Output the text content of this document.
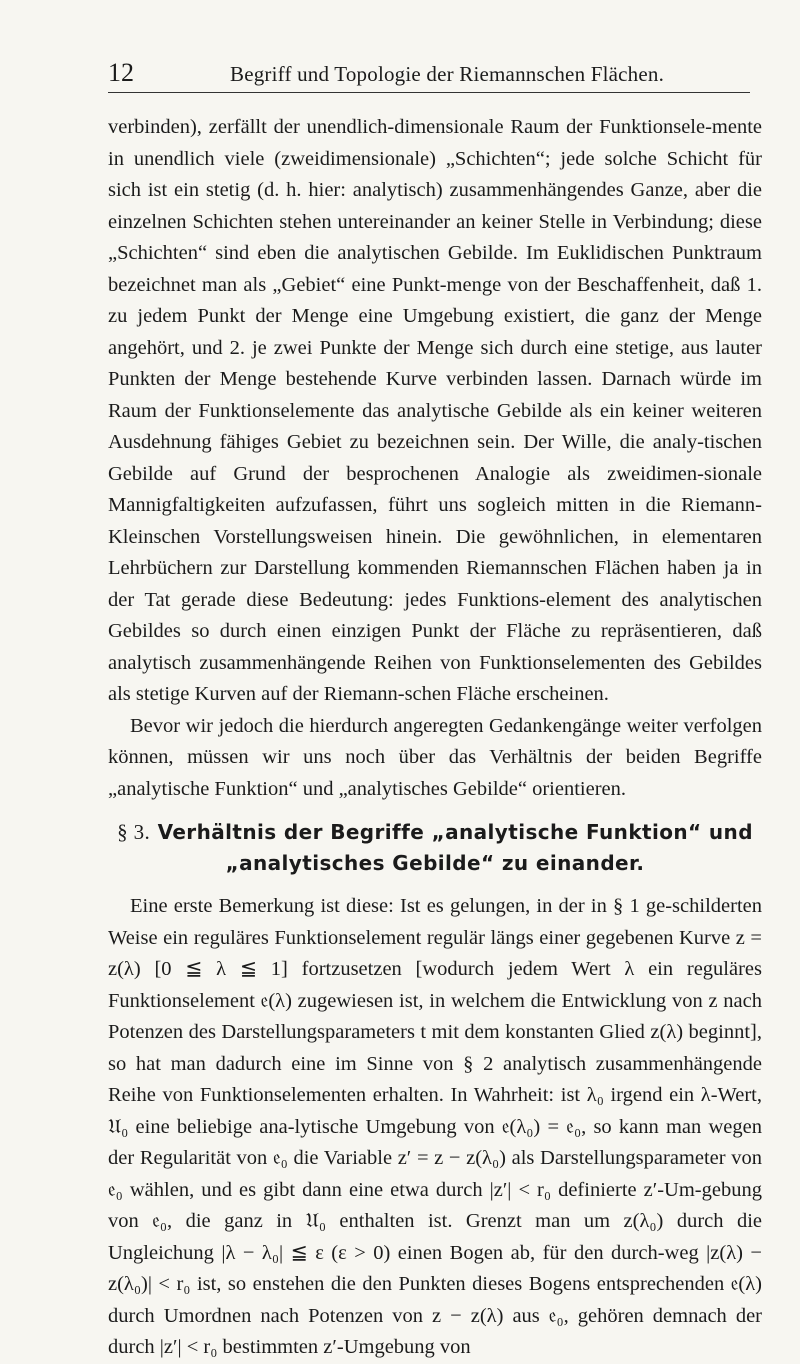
12	Begriff und Topologie der Riemannschen Flächen.

verbinden), zerfällt der unendlich-dimensionale Raum der Funktionsele-mente in unendlich viele (zweidimensionale) „Schichten“; jede solche Schicht für sich ist ein stetig (d. h. hier: analytisch) zusammenhängendes Ganze, aber die einzelnen Schichten stehen untereinander an keiner Stelle in Verbindung; diese „Schichten“ sind eben die analytischen Gebilde. Im Euklidischen Punktraum bezeichnet man als „Gebiet“ eine Punkt-menge von der Beschaffenheit, daß 1. zu jedem Punkt der Menge eine Umgebung existiert, die ganz der Menge angehört, und 2. je zwei Punkte der Menge sich durch eine stetige, aus lauter Punkten der Menge bestehende Kurve verbinden lassen. Darnach würde im Raum der Funktionselemente das analytische Gebilde als ein keiner weiteren Ausdehnung fähiges Gebiet zu bezeichnen sein. Der Wille, die analy-tischen Gebilde auf Grund der besprochenen Analogie als zweidimen-sionale Mannigfaltigkeiten aufzufassen, führt uns sogleich mitten in die Riemann-Kleinschen Vorstellungsweisen hinein. Die gewöhnlichen, in elementaren Lehrbüchern zur Darstellung kommenden Riemannschen Flächen haben ja in der Tat gerade diese Bedeutung: jedes Funktions-element des analytischen Gebildes so durch einen einzigen Punkt der Fläche zu repräsentieren, daß analytisch zusammenhängende Reihen von Funktionselementen des Gebildes als stetige Kurven auf der Riemann-schen Fläche erscheinen.

Bevor wir jedoch die hierdurch angeregten Gedankengänge weiter verfolgen können, müssen wir uns noch über das Verhältnis der beiden Begriffe „analytische Funktion“ und „analytisches Gebilde“ orientieren.

§ 3. Verhältnis der Begriffe „analytische Funktion“ und „analytisches Gebilde“ zu einander.

Eine erste Bemerkung ist diese: Ist es gelungen, in der in § 1 ge-schilderten Weise ein reguläres Funktionselement regulär längs einer gegebenen Kurve z = z(λ) [0 ≦ λ ≦ 1] fortzusetzen [wodurch jedem Wert λ ein reguläres Funktionselement 𝔢(λ) zugewiesen ist, in welchem die Entwicklung von z nach Potenzen des Darstellungsparameters t mit dem konstanten Glied z(λ) beginnt], so hat man dadurch eine im Sinne von § 2 analytisch zusammenhängende Reihe von Funktionselementen erhalten. In Wahrheit: ist λ₀ irgend ein λ-Wert, 𝔘₀ eine beliebige ana-lytische Umgebung von 𝔢(λ₀) = 𝔢₀, so kann man wegen der Regularität von 𝔢₀ die Variable z′ = z − z(λ₀) als Darstellungsparameter von 𝔢₀ wählen, und es gibt dann eine etwa durch |z′| < r₀ definierte z′-Um-gebung von 𝔢₀, die ganz in 𝔘₀ enthalten ist. Grenzt man um z(λ₀) durch die Ungleichung |λ − λ₀| ≦ ε (ε > 0) einen Bogen ab, für den durch-weg |z(λ) − z(λ₀)| < r₀ ist, so enstehen die den Punkten dieses Bogens entsprechenden 𝔢(λ) durch Umordnen nach Potenzen von z − z(λ) aus 𝔢₀, gehören demnach der durch |z′| < r₀ bestimmten z′-Umgebung von
